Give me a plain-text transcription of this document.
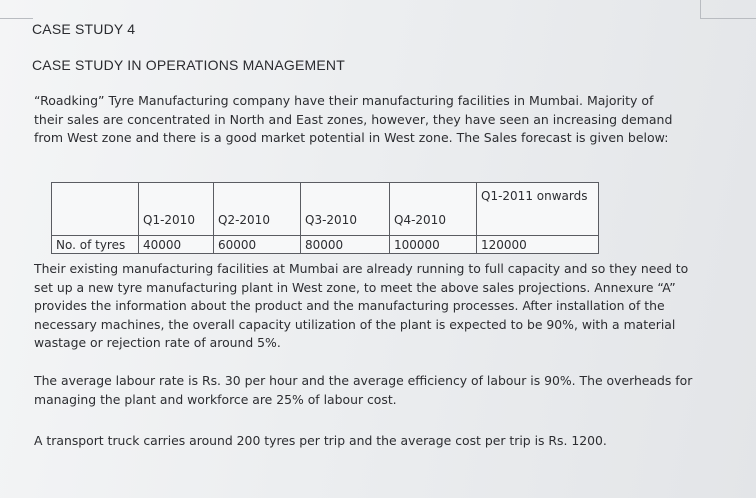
CASE STUDY 4
CASE STUDY IN OPERATIONS MANAGEMENT

“Roadking” Tyre Manufacturing company have their manufacturing facilities in Mumbai. Majority of
their sales are concentrated in North and East zones, however, they have seen an increasing demand
from West zone and there is a good market potential in West zone. The Sales forecast is given below:

	Q1-2010	Q2-2010	Q3-2010	Q4-2010	Q1-2011 onwards
No. of tyres	40000	60000	80000	100000	120000

Their existing manufacturing facilities at Mumbai are already running to full capacity and so they need to
set up a new tyre manufacturing plant in West zone, to meet the above sales projections. Annexure “A”
provides the information about the product and the manufacturing processes. After installation of the
necessary machines, the overall capacity utilization of the plant is expected to be 90%, with a material
wastage or rejection rate of around 5%.

The average labour rate is Rs. 30 per hour and the average efficiency of labour is 90%. The overheads for
managing the plant and workforce are 25% of labour cost.

A transport truck carries around 200 tyres per trip and the average cost per trip is Rs. 1200.
